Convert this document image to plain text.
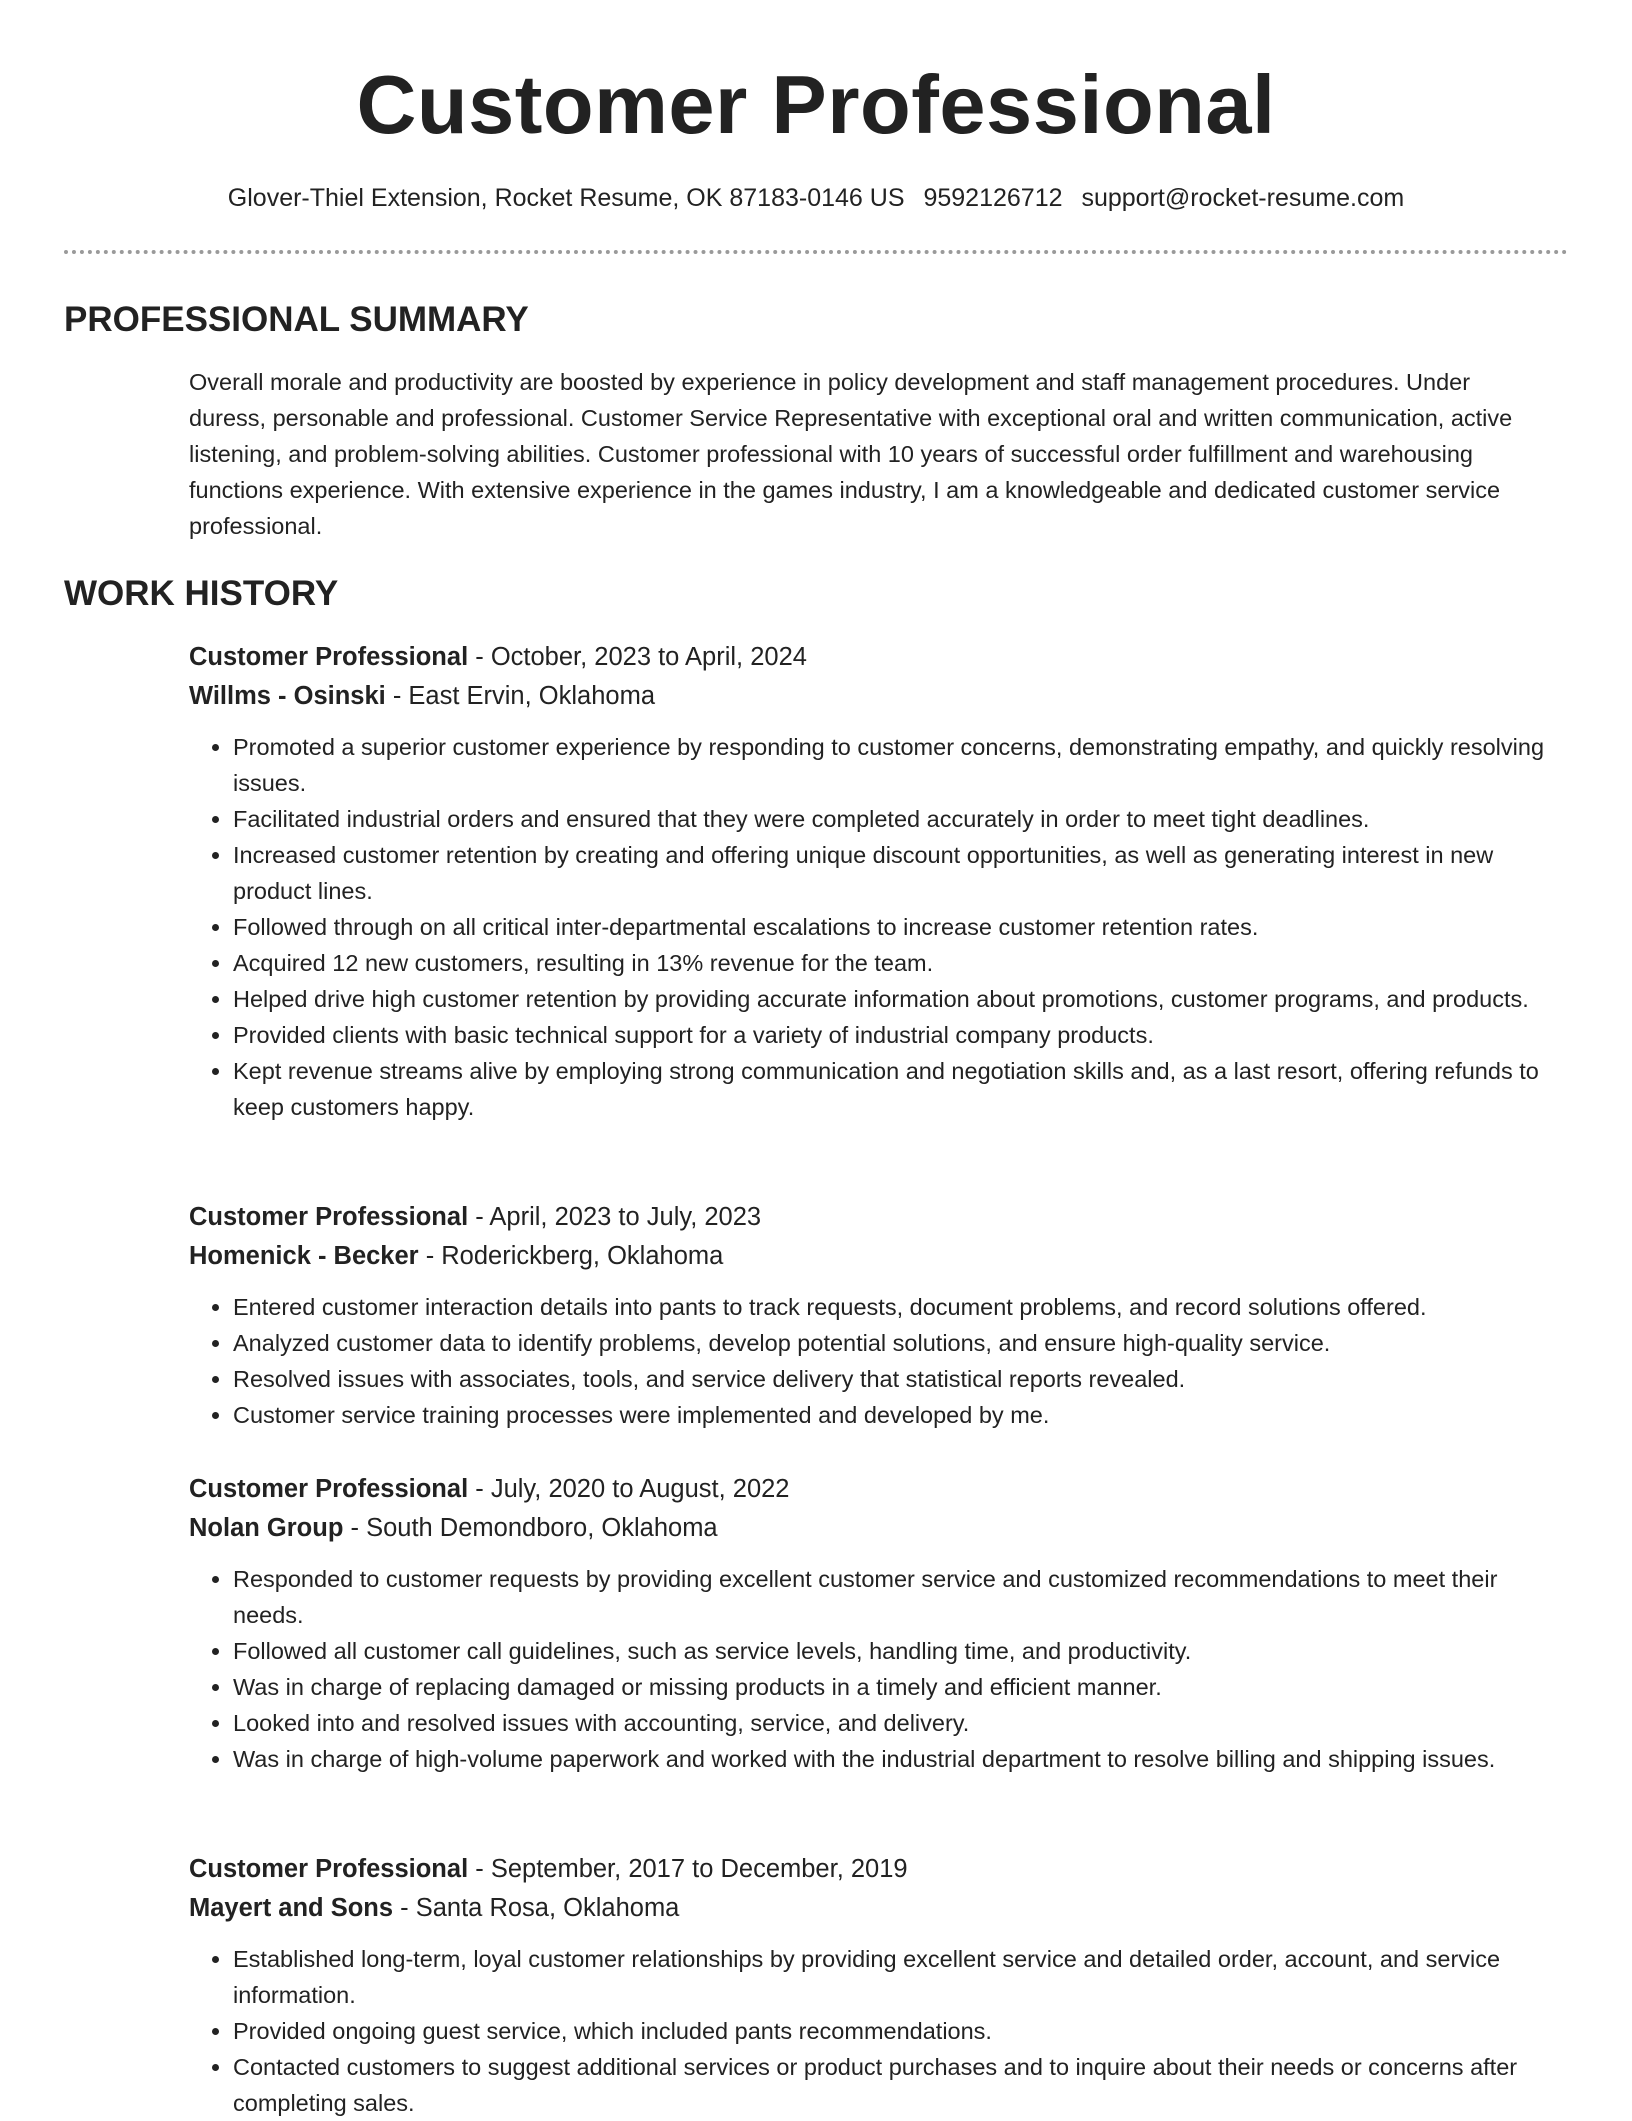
Customer Professional
Glover-Thiel Extension, Rocket Resume, OK 87183-0146 US 9592126712 support@rocket-resume.com
PROFESSIONAL SUMMARY

Overall morale and productivity are boosted by experience in policy development and staff management procedures. Under duress, personable and professional. Customer Service Representative with exceptional oral and written communication, active listening, and problem-solving abilities. Customer professional with 10 years of successful order fulfillment and warehousing functions experience. With extensive experience in the games industry, I am a knowledgeable and dedicated customer service professional.

WORK HISTORY
Customer Professional - October, 2023 to April, 2024
Willms - Osinski - East Ervin, Oklahoma
• Promoted a superior customer experience by responding to customer concerns, demonstrating empathy, and quickly resolving issues.
• Facilitated industrial orders and ensured that they were completed accurately in order to meet tight deadlines.
• Increased customer retention by creating and offering unique discount opportunities, as well as generating interest in new product lines.
• Followed through on all critical inter-departmental escalations to increase customer retention rates.
• Acquired 12 new customers, resulting in 13% revenue for the team.
• Helped drive high customer retention by providing accurate information about promotions, customer programs, and products.
• Provided clients with basic technical support for a variety of industrial company products.
• Kept revenue streams alive by employing strong communication and negotiation skills and, as a last resort, offering refunds to keep customers happy.
Customer Professional - April, 2023 to July, 2023
Homenick - Becker - Roderickberg, Oklahoma
• Entered customer interaction details into pants to track requests, document problems, and record solutions offered.
• Analyzed customer data to identify problems, develop potential solutions, and ensure high-quality service.
• Resolved issues with associates, tools, and service delivery that statistical reports revealed.
• Customer service training processes were implemented and developed by me.
Customer Professional - July, 2020 to August, 2022
Nolan Group - South Demondboro, Oklahoma
• Responded to customer requests by providing excellent customer service and customized recommendations to meet their needs.
• Followed all customer call guidelines, such as service levels, handling time, and productivity.
• Was in charge of replacing damaged or missing products in a timely and efficient manner.
• Looked into and resolved issues with accounting, service, and delivery.
• Was in charge of high-volume paperwork and worked with the industrial department to resolve billing and shipping issues.
Customer Professional - September, 2017 to December, 2019
Mayert and Sons - Santa Rosa, Oklahoma
• Established long-term, loyal customer relationships by providing excellent service and detailed order, account, and service information.
• Provided ongoing guest service, which included pants recommendations.
• Contacted customers to suggest additional services or product purchases and to inquire about their needs or concerns after completing sales.
